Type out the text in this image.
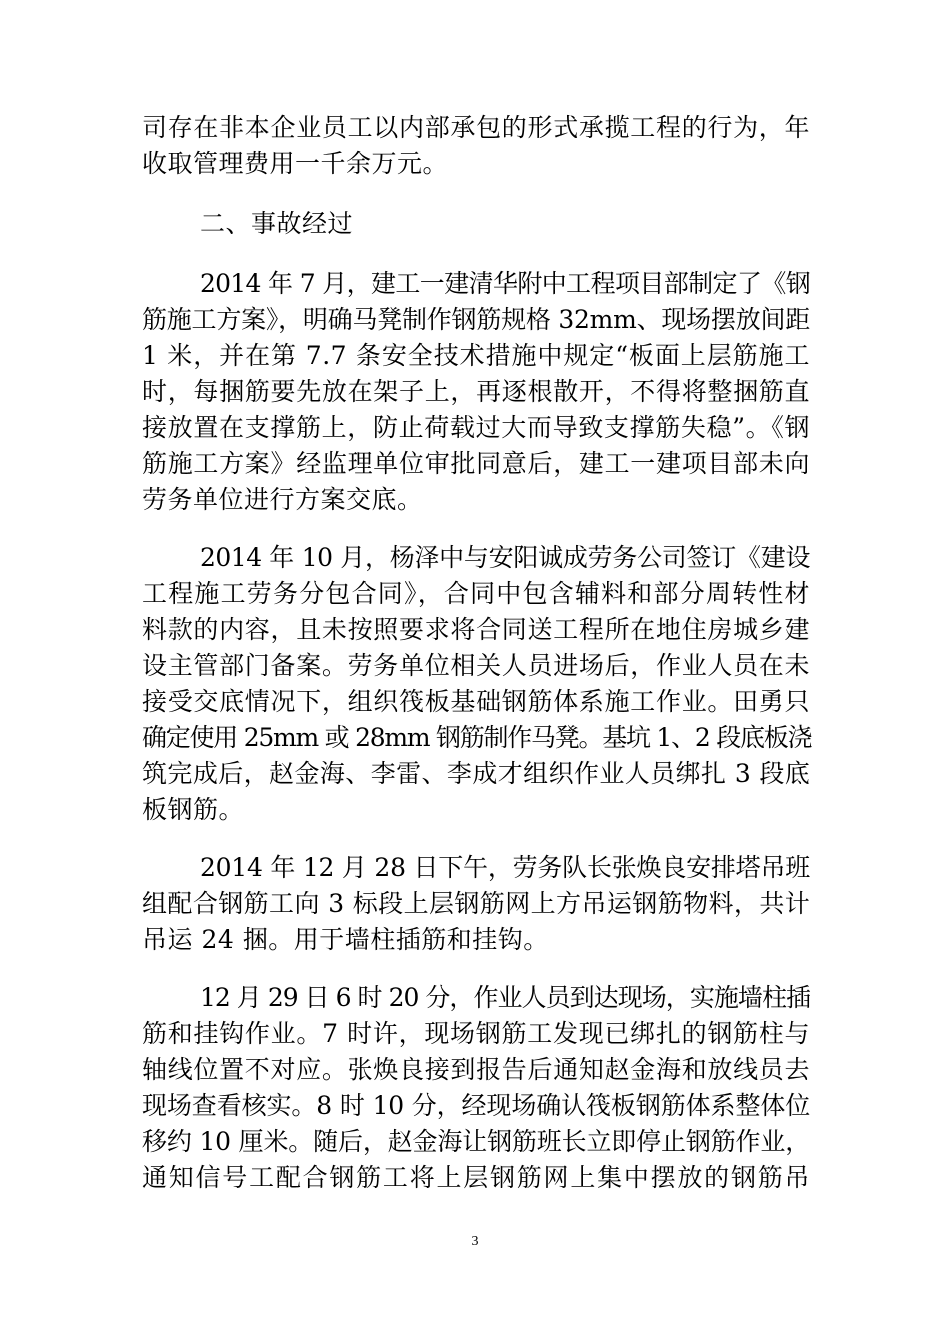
司存在非本企业员工以内部承包的形式承揽工程的行为，年
收取管理费用一千余万元。
二、事故经过
2014 年 7 月，建工一建清华附中工程项目部制定了《钢
筋施工方案》，明确马凳制作钢筋规格 32mm、现场摆放间距
1 米，并在第 7.7 条安全技术措施中规定“板面上层筋施工
时，每捆筋要先放在架子上，再逐根散开，不得将整捆筋直
接放置在支撑筋上，防止荷载过大而导致支撑筋失稳”。《钢
筋施工方案》经监理单位审批同意后，建工一建项目部未向
劳务单位进行方案交底。
2014 年 10 月，杨泽中与安阳诚成劳务公司签订《建设
工程施工劳务分包合同》，合同中包含辅料和部分周转性材
料款的内容，且未按照要求将合同送工程所在地住房城乡建
设主管部门备案。劳务单位相关人员进场后，作业人员在未
接受交底情况下，组织筏板基础钢筋体系施工作业。田勇只
确定使用 25mm 或 28mm 钢筋制作马凳。基坑 1、2 段底板浇
筑完成后，赵金海、李雷、李成才组织作业人员绑扎 3 段底
板钢筋。
2014 年 12 月 28 日下午，劳务队长张焕良安排塔吊班
组配合钢筋工向 3 标段上层钢筋网上方吊运钢筋物料，共计
吊运 24 捆。用于墙柱插筋和挂钩。
12 月 29 日 6 时 20 分，作业人员到达现场，实施墙柱插
筋和挂钩作业。7 时许，现场钢筋工发现已绑扎的钢筋柱与
轴线位置不对应。张焕良接到报告后通知赵金海和放线员去
现场查看核实。8 时 10 分，经现场确认筏板钢筋体系整体位
移约 10 厘米。随后，赵金海让钢筋班长立即停止钢筋作业，
通知信号工配合钢筋工将上层钢筋网上集中摆放的钢筋吊
3
